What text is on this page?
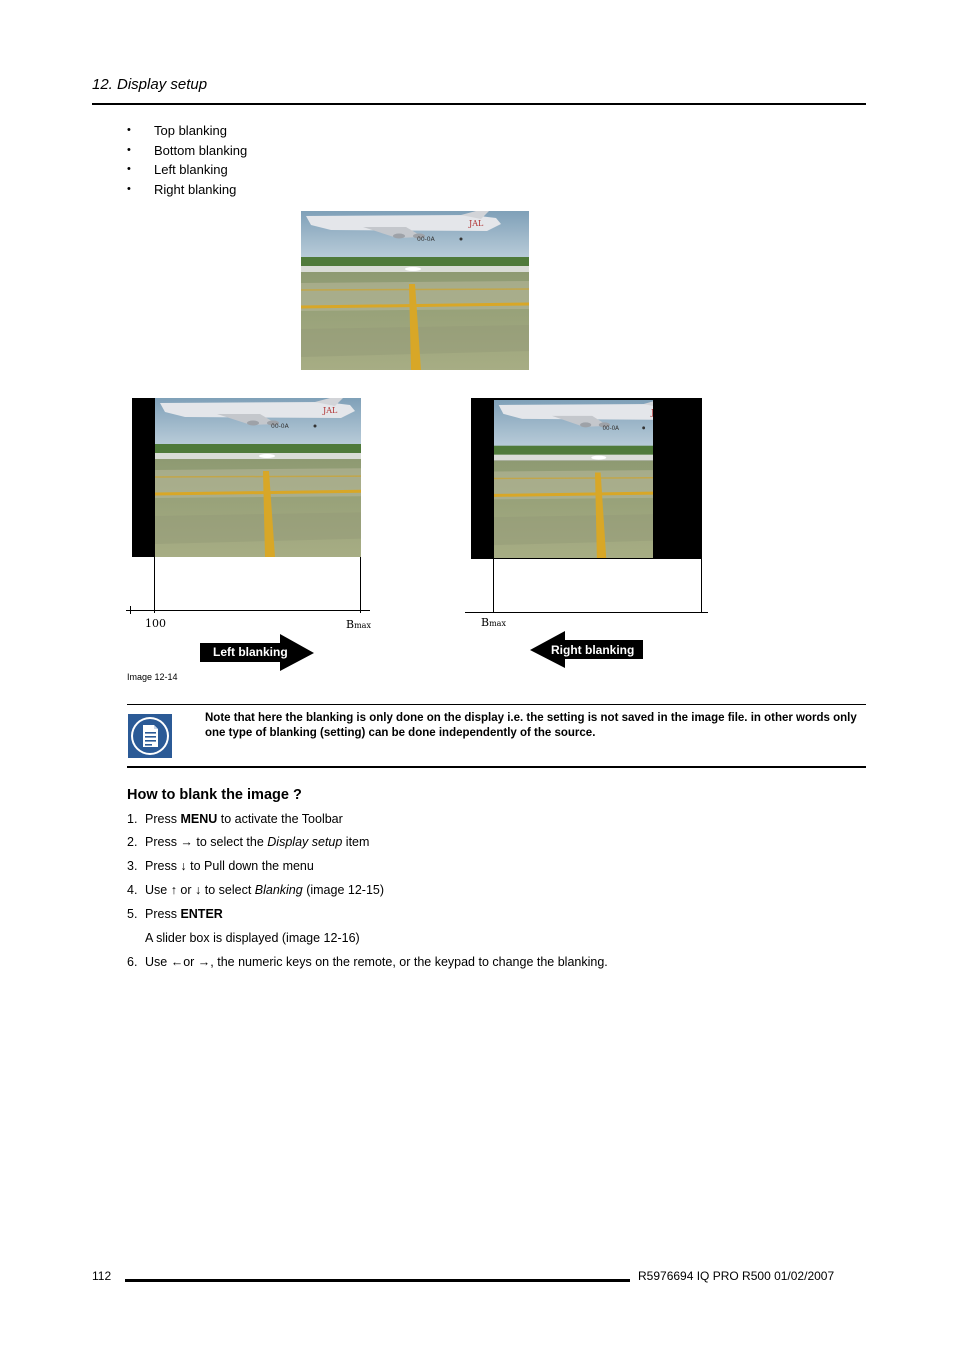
12. Display setup
• Top blanking
• Bottom blanking
• Left blanking
• Right blanking
100	Bmax	Bmax
Left blanking	Right blanking
Image 12-14
Note that here the blanking is only done on the display i.e. the setting is not saved in the image file. in other words only one type of blanking (setting) can be done independently of the source.
How to blank the image ?
1. Press MENU to activate the Toolbar
2. Press → to select the Display setup item
3. Press ↓ to Pull down the menu
4. Use ↑ or ↓ to select Blanking (image 12-15)
5. Press ENTER
A slider box is displayed (image 12-16)
6. Use ←or →, the numeric keys on the remote, or the keypad to change the blanking.
112	R5976694 IQ PRO R500 01/02/2007
